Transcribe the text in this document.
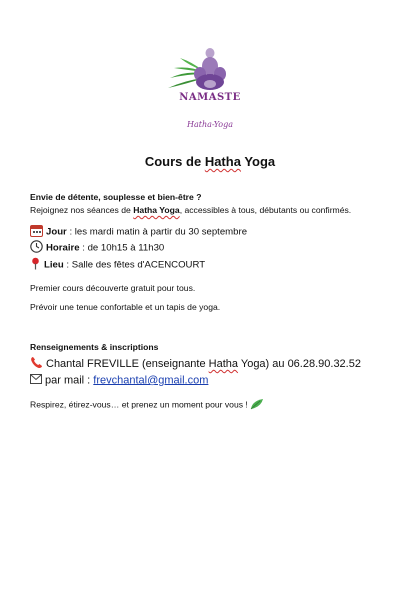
NAMASTE
Hatha-Yoga
Cours de Hatha Yoga
Envie de détente, souplesse et bien-être ?
Rejoignez nos séances de Hatha Yoga, accessibles à tous, débutants ou confirmés.
Jour : les mardi matin à partir du 30 septembre
Horaire : de 10h15 à 11h30
Lieu : Salle des fêtes d'ACENCOURT
Premier cours découverte gratuit pour tous.
Prévoir une tenue confortable et un tapis de yoga.
Renseignements & inscriptions
Chantal FREVILLE (enseignante Hatha Yoga) au 06.28.90.32.52
par mail : frevchantal@gmail.com
Respirez, étirez-vous… et prenez un moment pour vous !
